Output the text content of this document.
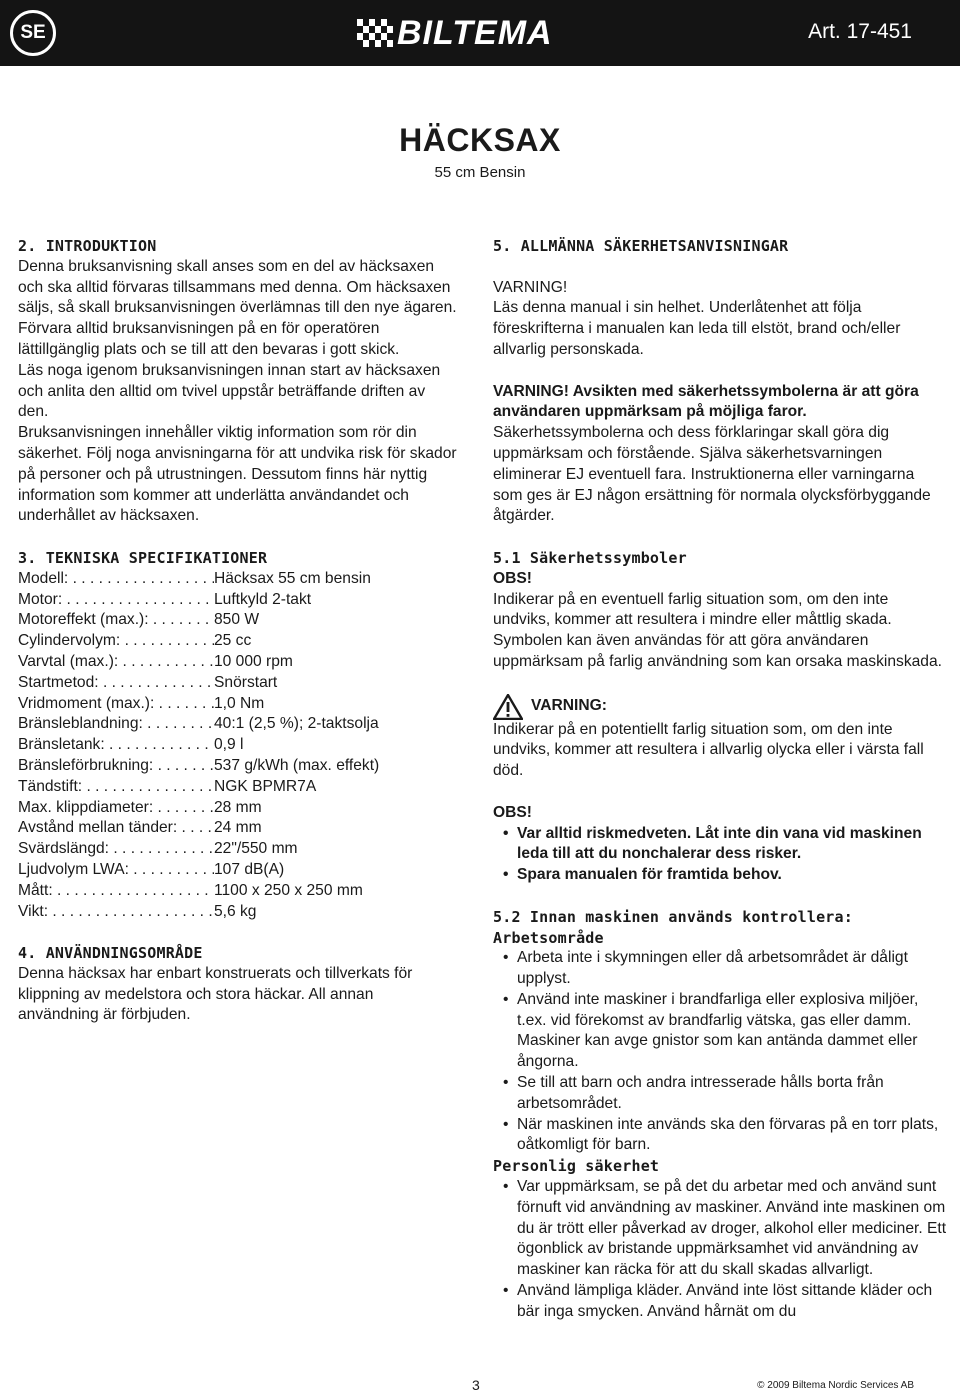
SE	BILTEMA	Art. 17-451
HÄCKSAX
55 cm Bensin
2. INTRODUKTION

Denna bruksanvisning skall anses som en del av häcksaxen och ska alltid förvaras tillsammans med denna. Om häcksaxen säljs, så skall bruksanvisningen överlämnas till den nye ägaren. Förvara alltid bruksanvisningen på en för operatören lättillgänglig plats och se till att den bevaras i gott skick.

Läs noga igenom bruksanvisningen innan start av häcksaxen och anlita den alltid om tvivel uppstår beträffande driften av den.

Bruksanvisningen innehåller viktig information som rör din säkerhet. Följ noga anvisningarna för att undvika risk för skador på personer och på utrustningen. Dessutom finns här nyttig information som kommer att underlätta användandet och underhållet av häcksaxen.

3. TEKNISKA SPECIFIKATIONER
Modell: . . .	Häcksax 55 cm bensin
Motor: . . .	Luftkyld 2-takt
Motoreffekt (max.): . . .	850 W
Cylindervolym: . . .	25 cc
Varvtal (max.): . . .	10 000 rpm
Startmetod: . . .	Snörstart
Vridmoment (max.): . . .	1,0 Nm
Bränsleblandning: . . .	40:1 (2,5 %); 2-taktsolja
Bränsletank: . . .	0,9 l
Bränsleförbrukning: . . .	537 g/kWh (max. effekt)
Tändstift: . . .	NGK BPMR7A
Max. klippdiameter: . . .	28 mm
Avstånd mellan tänder: . . .	24 mm
Svärdslängd: . . .	22"/550 mm
Ljudvolym LWA: . . .	107 dB(A)
Mått: . . .	1100 x 250 x 250 mm
Vikt: . . .	5,6 kg
4. ANVÄNDNINGSOMRÅDE

Denna häcksax har enbart konstruerats och tillverkats för klippning av medelstora och stora häckar. All annan användning är förbjuden.

5. ALLMÄNNA SÄKERHETSANVISNINGAR
VARNING!

Läs denna manual i sin helhet. Underlåtenhet att följa föreskrifterna i manualen kan leda till elstöt, brand och/eller allvarlig personskada.

VARNING! Avsikten med säkerhetssymbolerna är att göra användaren uppmärksam på möjliga faror.

Säkerhetssymbolerna och dess förklaringar skall göra dig uppmärksam och förstående. Själva säkerhetsvarningen eliminerar EJ eventuell fara. Instruktionerna eller varningarna som ges är EJ någon ersättning för normala olycksförbyggande åtgärder.

5.1 Säkerhetssymboler
OBS!

Indikerar på en eventuell farlig situation som, om den inte undviks, kommer att resultera i mindre eller måttlig skada. Symbolen kan även användas för att göra användaren uppmärksam på farlig användning som kan orsaka maskinskada.

VARNING:

Indikerar på en potentiellt farlig situation som, om den inte undviks, kommer att resultera i allvarlig olycka eller i värsta fall död.

OBS!
• Var alltid riskmedveten. Låt inte din vana vid maskinen leda till att du nonchalerar dess risker.
• Spara manualen för framtida behov.
5.2 Innan maskinen används kontrollera:
Arbetsområde
• Arbeta inte i skymningen eller då arbetsområdet är dåligt upplyst.
• Använd inte maskiner i brandfarliga eller explosiva miljöer, t.ex. vid förekomst av brandfarlig vätska, gas eller damm. Maskiner kan avge gnistor som kan antända dammet eller ångorna.
• Se till att barn och andra intresserade hålls borta från arbetsområdet.
• När maskinen inte används ska den förvaras på en torr plats, oåtkomligt för barn.
Personlig säkerhet
• Var uppmärksam, se på det du arbetar med och använd sunt förnuft vid användning av maskiner. Använd inte maskinen om du är trött eller påverkad av droger, alkohol eller mediciner. Ett ögonblick av bristande uppmärksamhet vid användning av maskiner kan räcka för att du skall skadas allvarligt.
• Använd lämpliga kläder. Använd inte löst sittande kläder och bär inga smycken. Använd hårnät om du
3	© 2009 Biltema Nordic Services AB
